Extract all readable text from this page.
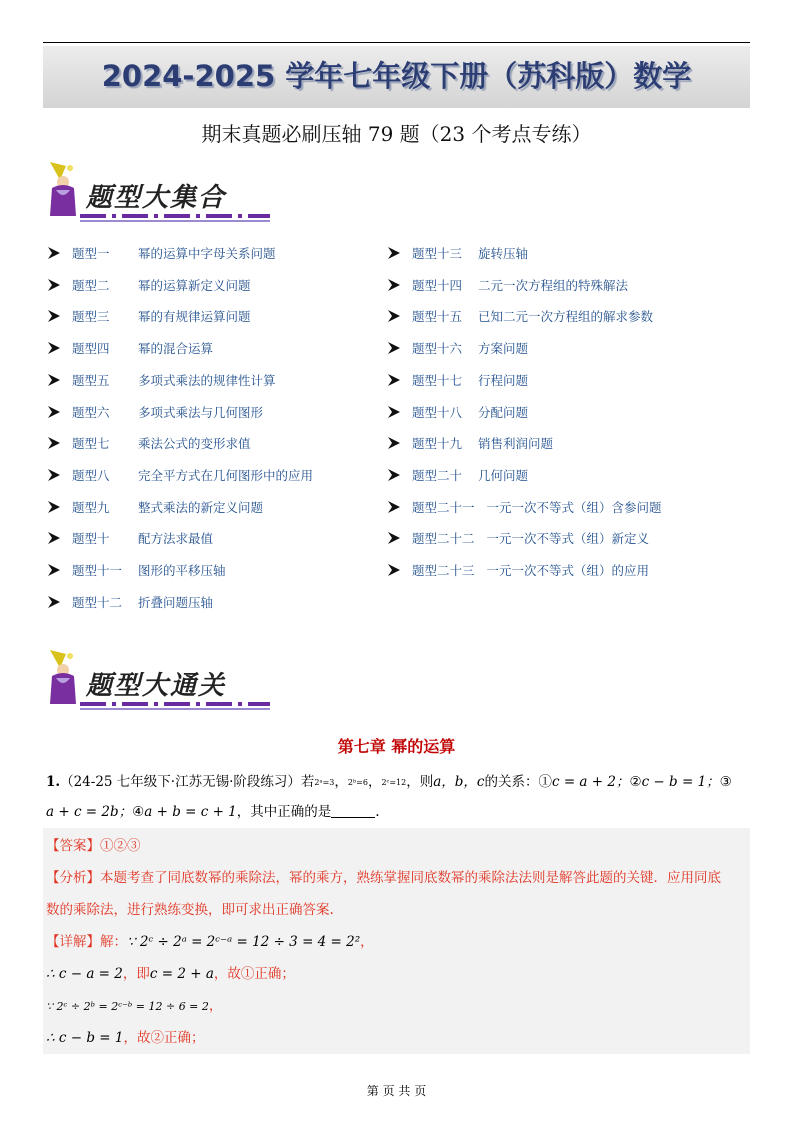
2024-2025 学年七年级下册（苏科版）数学
期末真题必刷压轴 79 题（23 个考点专练）
题型大集合
题型一	幂的运算中字母关系问题
题型二	幂的运算新定义问题
题型三	幂的有规律运算问题
题型四	幂的混合运算
题型五	多项式乘法的规律性计算
题型六	多项式乘法与几何图形
题型七	乘法公式的变形求值
题型八	完全平方式在几何图形中的应用
题型九	整式乘法的新定义问题
题型十	配方法求最值
题型十一	图形的平移压轴
题型十二	折叠问题压轴
题型十三	旋转压轴
题型十四	二元一次方程组的特殊解法
题型十五	已知二元一次方程组的解求参数
题型十六	方案问题
题型十七	行程问题
题型十八	分配问题
题型十九	销售利润问题
题型二十	几何问题
题型二十一 一元一次不等式（组）含参问题
题型二十二 一元一次不等式（组）新定义
题型二十三 一元一次不等式（组）的应用
题型大通关
第七章 幂的运算
1.（24-25 七年级下·江苏无锡·阶段练习）若2ᵃ=3，2ᵇ=6，2ᶜ=12，则a，b，c的关系：①c = a + 2；②c − b = 1；③
a + c = 2b；④a + b = c + 1，其中正确的是	.
【答案】①②③
【分析】本题考查了同底数幂的乘除法，幂的乘方，熟练掌握同底数幂的乘除法法则是解答此题的关键．应用同底
数的乘除法，进行熟练变换，即可求出正确答案.
【详解】解：∵ 2ᶜ ÷ 2ᵃ = 2ᶜ⁻ᵃ = 12 ÷ 3 = 4 = 2²，
∴ c − a = 2，即c = 2 + a，故①正确；
∵ 2ᶜ ÷ 2ᵇ = 2ᶜ⁻ᵇ = 12 ÷ 6 = 2，
∴ c − b = 1，故②正确；
第 页 共 页
